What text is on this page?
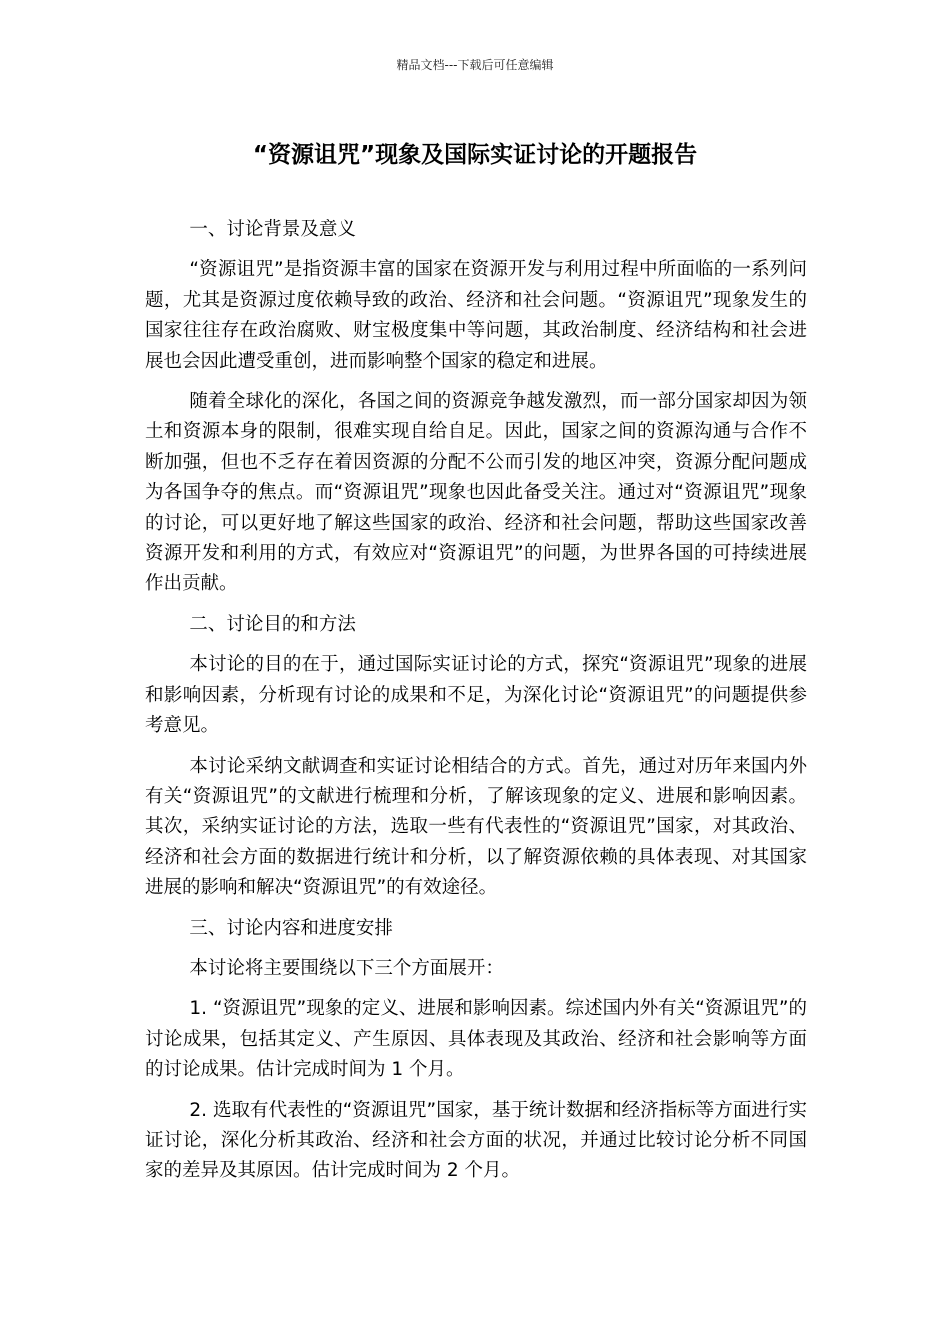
精品文档---下载后可任意编辑
“资源诅咒”现象及国际实证讨论的开题报告
一、讨论背景及意义

“资源诅咒”是指资源丰富的国家在资源开发与利用过程中所面临的一系列问题，尤其是资源过度依赖导致的政治、经济和社会问题。“资源诅咒”现象发生的国家往往存在政治腐败、财宝极度集中等问题，其政治制度、经济结构和社会进展也会因此遭受重创，进而影响整个国家的稳定和进展。

随着全球化的深化，各国之间的资源竞争越发激烈，而一部分国家却因为领土和资源本身的限制，很难实现自给自足。因此，国家之间的资源沟通与合作不断加强，但也不乏存在着因资源的分配不公而引发的地区冲突，资源分配问题成为各国争夺的焦点。而“资源诅咒”现象也因此备受关注。通过对“资源诅咒”现象的讨论，可以更好地了解这些国家的政治、经济和社会问题，帮助这些国家改善资源开发和利用的方式，有效应对“资源诅咒”的问题，为世界各国的可持续进展作出贡献。

二、讨论目的和方法

本讨论的目的在于，通过国际实证讨论的方式，探究“资源诅咒”现象的进展和影响因素，分析现有讨论的成果和不足，为深化讨论“资源诅咒”的问题提供参考意见。

本讨论采纳文献调查和实证讨论相结合的方式。首先，通过对历年来国内外有关“资源诅咒”的文献进行梳理和分析，了解该现象的定义、进展和影响因素。其次，采纳实证讨论的方法，选取一些有代表性的“资源诅咒”国家，对其政治、经济和社会方面的数据进行统计和分析，以了解资源依赖的具体表现、对其国家进展的影响和解决“资源诅咒”的有效途径。

三、讨论内容和进度安排

本讨论将主要围绕以下三个方面展开：

1. “资源诅咒”现象的定义、进展和影响因素。综述国内外有关“资源诅咒”的讨论成果，包括其定义、产生原因、具体表现及其政治、经济和社会影响等方面的讨论成果。估计完成时间为 1 个月。

2. 选取有代表性的“资源诅咒”国家，基于统计数据和经济指标等方面进行实证讨论，深化分析其政治、经济和社会方面的状况，并通过比较讨论分析不同国家的差异及其原因。估计完成时间为 2 个月。
